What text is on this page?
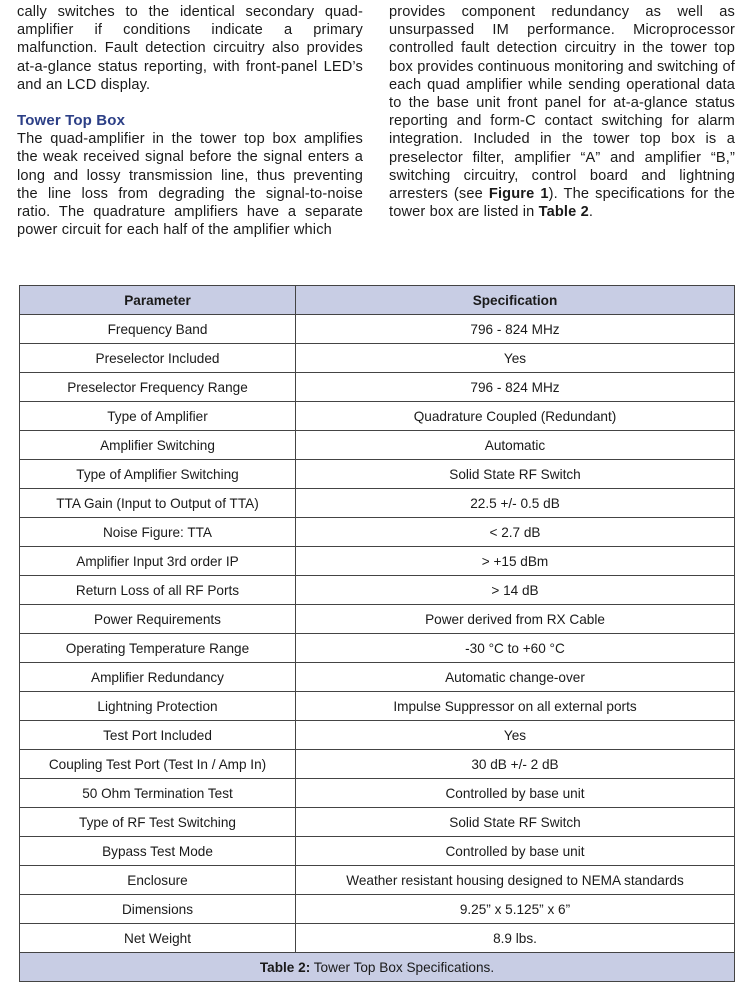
cally switches to the identical secondary quad-amplifier if conditions indicate a primary malfunction. Fault detection circuitry also provides at-a-glance status reporting, with front-panel LED’s and an LCD display.

Tower Top Box

The quad-amplifier in the tower top box amplifies the weak received signal before the signal enters a long and lossy transmission line, thus preventing the line loss from degrading the signal-to-noise ratio. The quadrature amplifiers have a separate power circuit for each half of the amplifier which

provides component redundancy as well as unsurpassed IM performance. Microprocessor controlled fault detection circuitry in the tower top box provides continuous monitoring and switching of each quad amplifier while sending operational data to the base unit front panel for at-a-glance status reporting and form-C contact switching for alarm integration. Included in the tower top box is a preselector filter, amplifier “A” and amplifier “B,” switching circuitry, control board and lightning arresters (see Figure 1). The specifications for the tower box are listed in Table 2.

Parameter	Specification
Frequency Band	796 - 824 MHz
Preselector Included	Yes
Preselector Frequency Range	796 - 824 MHz
Type of Amplifier	Quadrature Coupled (Redundant)
Amplifier Switching	Automatic
Type of Amplifier Switching	Solid State RF Switch
TTA Gain (Input to Output of TTA)	22.5 +/- 0.5 dB
Noise Figure: TTA	< 2.7 dB
Amplifier Input 3rd order IP	> +15 dBm
Return Loss of all RF Ports	> 14 dB
Power Requirements	Power derived from RX Cable
Operating Temperature Range	-30 °C to +60 °C
Amplifier Redundancy	Automatic change-over
Lightning Protection	Impulse Suppressor on all external ports
Test Port Included	Yes
Coupling Test Port (Test In / Amp In)	30 dB +/- 2 dB
50 Ohm Termination Test	Controlled by base unit
Type of RF Test Switching	Solid State RF Switch
Bypass Test Mode	Controlled by base unit
Enclosure	Weather resistant housing designed to NEMA standards
Dimensions	9.25” x 5.125” x 6”
Net Weight	8.9 lbs.
Table 2: Tower Top Box Specifications.	
